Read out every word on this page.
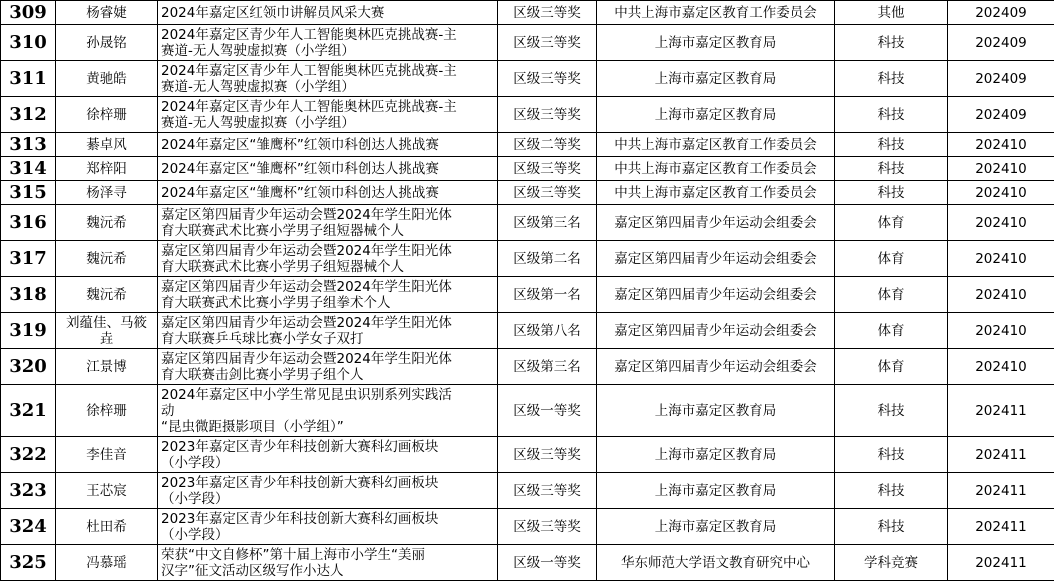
309	杨睿婕	2024年嘉定区红领巾讲解员风采大赛	区级三等奖	中共上海市嘉定区教育工作委员会	其他	202409
310	孙晟铭	2024年嘉定区青少年人工智能奥林匹克挑战赛-主
赛道-无人驾驶虚拟赛（小学组）	区级三等奖	上海市嘉定区教育局	科技	202409
311	黄驰皓	2024年嘉定区青少年人工智能奥林匹克挑战赛-主
赛道-无人驾驶虚拟赛（小学组）	区级三等奖	上海市嘉定区教育局	科技	202409
312	徐梓珊	2024年嘉定区青少年人工智能奥林匹克挑战赛-主
赛道-无人驾驶虚拟赛（小学组）	区级三等奖	上海市嘉定区教育局	科技	202409
313	綦卓风	2024年嘉定区“雏鹰杯”红领巾科创达人挑战赛	区级二等奖	中共上海市嘉定区教育工作委员会	科技	202410
314	郑梓阳	2024年嘉定区“雏鹰杯”红领巾科创达人挑战赛	区级三等奖	中共上海市嘉定区教育工作委员会	科技	202410
315	杨泽寻	2024年嘉定区“雏鹰杯”红领巾科创达人挑战赛	区级三等奖	中共上海市嘉定区教育工作委员会	科技	202410
316	魏沅希	嘉定区第四届青少年运动会暨2024年学生阳光体
育大联赛武术比赛小学男子组短器械个人	区级第三名	嘉定区第四届青少年运动会组委会	体育	202410
317	魏沅希	嘉定区第四届青少年运动会暨2024年学生阳光体
育大联赛武术比赛小学男子组短器械个人	区级第二名	嘉定区第四届青少年运动会组委会	体育	202410
318	魏沅希	嘉定区第四届青少年运动会暨2024年学生阳光体
育大联赛武术比赛小学男子组拳术个人	区级第一名	嘉定区第四届青少年运动会组委会	体育	202410
319	刘蕴佳、马筱
垚	嘉定区第四届青少年运动会暨2024年学生阳光体
育大联赛乒乓球比赛小学女子双打	区级第八名	嘉定区第四届青少年运动会组委会	体育	202410
320	江景博	嘉定区第四届青少年运动会暨2024年学生阳光体
育大联赛击剑比赛小学男子组个人	区级第三名	嘉定区第四届青少年运动会组委会	体育	202410
321	徐梓珊	2024年嘉定区中小学生常见昆虫识别系列实践活
动
“昆虫微距摄影项目（小学组）”	区级一等奖	上海市嘉定区教育局	科技	202411
322	李佳音	2023年嘉定区青少年科技创新大赛科幻画板块
（小学段）	区级三等奖	上海市嘉定区教育局	科技	202411
323	王芯宸	2023年嘉定区青少年科技创新大赛科幻画板块
（小学段）	区级三等奖	上海市嘉定区教育局	科技	202411
324	杜田希	2023年嘉定区青少年科技创新大赛科幻画板块
（小学段）	区级三等奖	上海市嘉定区教育局	科技	202411
325	冯慕瑶	荣获“中文自修杯”第十届上海市小学生“美丽
汉字”征文活动区级写作小达人	区级一等奖	华东师范大学语文教育研究中心	学科竞赛	202411
